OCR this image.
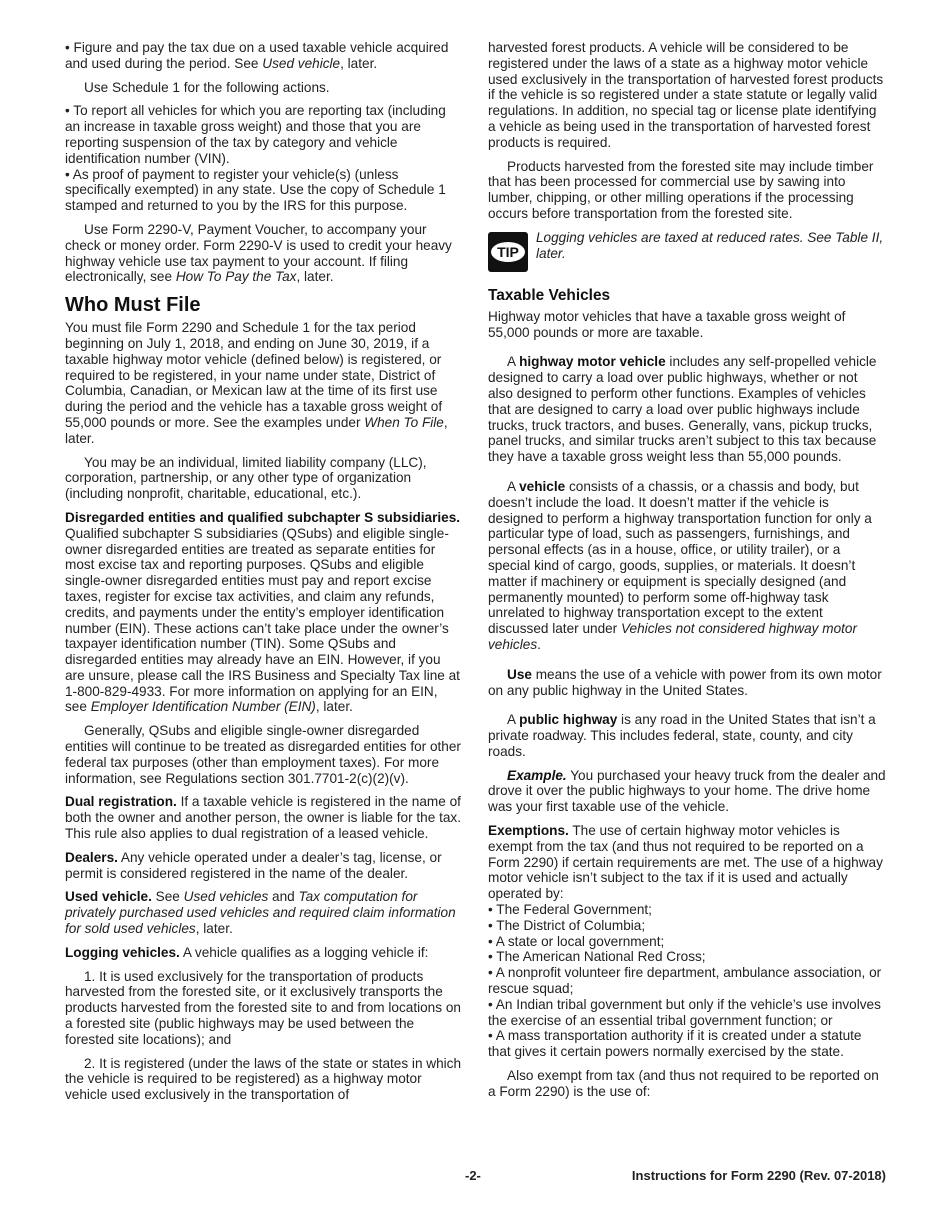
• Figure and pay the tax due on a used taxable vehicle acquired and used during the period. See Used vehicle, later.

Use Schedule 1 for the following actions.

• To report all vehicles for which you are reporting tax (including an increase in taxable gross weight) and those that you are reporting suspension of the tax by category and vehicle identification number (VIN).

• As proof of payment to register your vehicle(s) (unless specifically exempted) in any state. Use the copy of Schedule 1 stamped and returned to you by the IRS for this purpose.

Use Form 2290-V, Payment Voucher, to accompany your check or money order. Form 2290-V is used to credit your heavy highway vehicle use tax payment to your account. If filing electronically, see How To Pay the Tax, later.

Who Must File

You must file Form 2290 and Schedule 1 for the tax period beginning on July 1, 2018, and ending on June 30, 2019, if a taxable highway motor vehicle (defined below) is registered, or required to be registered, in your name under state, District of Columbia, Canadian, or Mexican law at the time of its first use during the period and the vehicle has a taxable gross weight of 55,000 pounds or more. See the examples under When To File, later.

You may be an individual, limited liability company (LLC), corporation, partnership, or any other type of organization (including nonprofit, charitable, educational, etc.).

Disregarded entities and qualified subchapter S subsidiaries. Qualified subchapter S subsidiaries (QSubs) and eligible single-owner disregarded entities are treated as separate entities for most excise tax and reporting purposes. QSubs and eligible single-owner disregarded entities must pay and report excise taxes, register for excise tax activities, and claim any refunds, credits, and payments under the entity’s employer identification number (EIN). These actions can’t take place under the owner’s taxpayer identification number (TIN). Some QSubs and disregarded entities may already have an EIN. However, if you are unsure, please call the IRS Business and Specialty Tax line at 1-800-829-4933. For more information on applying for an EIN, see Employer Identification Number (EIN), later.

Generally, QSubs and eligible single-owner disregarded entities will continue to be treated as disregarded entities for other federal tax purposes (other than employment taxes). For more information, see Regulations section 301.7701-2(c)(2)(v).

Dual registration. If a taxable vehicle is registered in the name of both the owner and another person, the owner is liable for the tax. This rule also applies to dual registration of a leased vehicle.

Dealers. Any vehicle operated under a dealer’s tag, license, or permit is considered registered in the name of the dealer.

Used vehicle. See Used vehicles and Tax computation for privately purchased used vehicles and required claim information for sold used vehicles, later.

Logging vehicles. A vehicle qualifies as a logging vehicle if:

1. It is used exclusively for the transportation of products harvested from the forested site, or it exclusively transports the products harvested from the forested site to and from locations on a forested site (public highways may be used between the forested site locations); and

2. It is registered (under the laws of the state or states in which the vehicle is required to be registered) as a highway motor vehicle used exclusively in the transportation of

harvested forest products. A vehicle will be considered to be registered under the laws of a state as a highway motor vehicle used exclusively in the transportation of harvested forest products if the vehicle is so registered under a state statute or legally valid regulations. In addition, no special tag or license plate identifying a vehicle as being used in the transportation of harvested forest products is required.

Products harvested from the forested site may include timber that has been processed for commercial use by sawing into lumber, chipping, or other milling operations if the processing occurs before transportation from the forested site.

TIP
Logging vehicles are taxed at reduced rates. See Table II, later.
Taxable Vehicles

Highway motor vehicles that have a taxable gross weight of 55,000 pounds or more are taxable.

A highway motor vehicle includes any self-propelled vehicle designed to carry a load over public highways, whether or not also designed to perform other functions. Examples of vehicles that are designed to carry a load over public highways include trucks, truck tractors, and buses. Generally, vans, pickup trucks, panel trucks, and similar trucks aren’t subject to this tax because they have a taxable gross weight less than 55,000 pounds.

A vehicle consists of a chassis, or a chassis and body, but doesn’t include the load. It doesn’t matter if the vehicle is designed to perform a highway transportation function for only a particular type of load, such as passengers, furnishings, and personal effects (as in a house, office, or utility trailer), or a special kind of cargo, goods, supplies, or materials. It doesn’t matter if machinery or equipment is specially designed (and permanently mounted) to perform some off-highway task unrelated to highway transportation except to the extent discussed later under Vehicles not considered highway motor vehicles.

Use means the use of a vehicle with power from its own motor on any public highway in the United States.

A public highway is any road in the United States that isn’t a private roadway. This includes federal, state, county, and city roads.

Example. You purchased your heavy truck from the dealer and drove it over the public highways to your home. The drive home was your first taxable use of the vehicle.

Exemptions. The use of certain highway motor vehicles is exempt from the tax (and thus not required to be reported on a Form 2290) if certain requirements are met. The use of a highway motor vehicle isn’t subject to the tax if it is used and actually operated by:

• The Federal Government;

• The District of Columbia;

• A state or local government;

• The American National Red Cross;

• A nonprofit volunteer fire department, ambulance association, or rescue squad;

• An Indian tribal government but only if the vehicle’s use involves the exercise of an essential tribal government function; or

• A mass transportation authority if it is created under a statute that gives it certain powers normally exercised by the state.

Also exempt from tax (and thus not required to be reported on a Form 2290) is the use of:

-2-	Instructions for Form 2290 (Rev. 07-2018)
